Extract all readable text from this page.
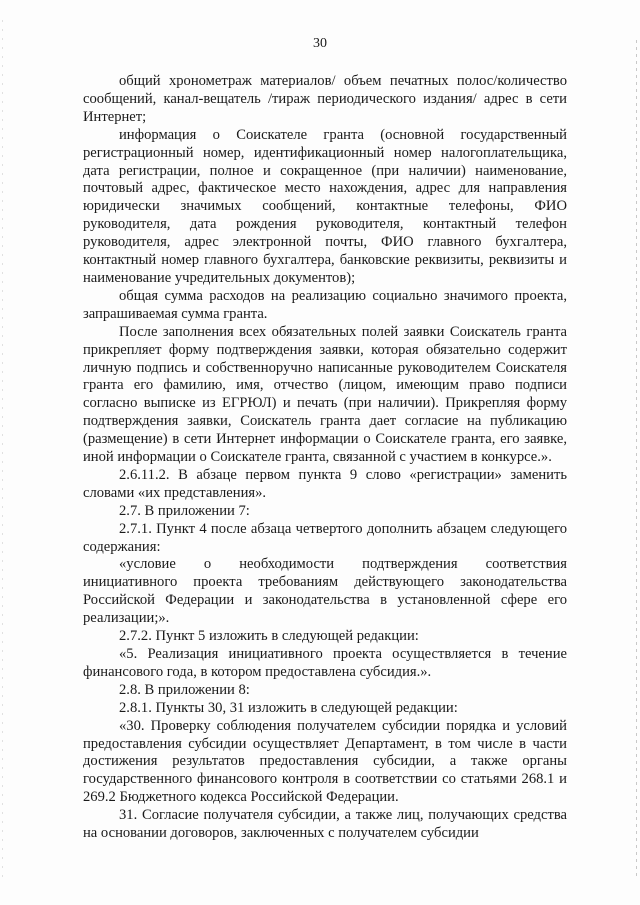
30

общий хронометраж материалов/ объем печатных полос/количество сообщений, канал-вещатель /тираж периодического издания/ адрес в сети Интернет;

информация о Соискателе гранта (основной государственный регистрационный номер, идентификационный номер налогоплательщика, дата регистрации, полное и сокращенное (при наличии) наименование, почтовый адрес, фактическое место нахождения, адрес для направления юридически значимых сообщений, контактные телефоны, ФИО руководителя, дата рождения руководителя, контактный телефон руководителя, адрес электронной почты, ФИО главного бухгалтера, контактный номер главного бухгалтера, банковские реквизиты, реквизиты и наименование учредительных документов);

общая сумма расходов на реализацию социально значимого проекта, запрашиваемая сумма гранта.

После заполнения всех обязательных полей заявки Соискатель гранта прикрепляет форму подтверждения заявки, которая обязательно содержит личную подпись и собственноручно написанные руководителем Соискателя гранта его фамилию, имя, отчество (лицом, имеющим право подписи согласно выписке из ЕГРЮЛ) и печать (при наличии). Прикрепляя форму подтверждения заявки, Соискатель гранта дает согласие на публикацию (размещение) в сети Интернет информации о Соискателе гранта, его заявке, иной информации о Соискателе гранта, связанной с участием в конкурсе.».

2.6.11.2. В абзаце первом пункта 9 слово «регистрации» заменить словами «их представления».

2.7. В приложении 7:

2.7.1. Пункт 4 после абзаца четвертого дополнить абзацем следующего содержания:

«условие о необходимости подтверждения соответствия инициативного проекта требованиям действующего законодательства Российской Федерации и законодательства в установленной сфере его реализации;».

2.7.2. Пункт 5 изложить в следующей редакции:

«5. Реализация инициативного проекта осуществляется в течение финансового года, в котором предоставлена субсидия.».

2.8. В приложении 8:

2.8.1. Пункты 30, 31 изложить в следующей редакции:

«30. Проверку соблюдения получателем субсидии порядка и условий предоставления субсидии осуществляет Департамент, в том числе в части достижения результатов предоставления субсидии, а также органы государственного финансового контроля в соответствии со статьями 268.1 и 269.2 Бюджетного кодекса Российской Федерации.

31. Согласие получателя субсидии, а также лиц, получающих средства на основании договоров, заключенных с получателем субсидии
